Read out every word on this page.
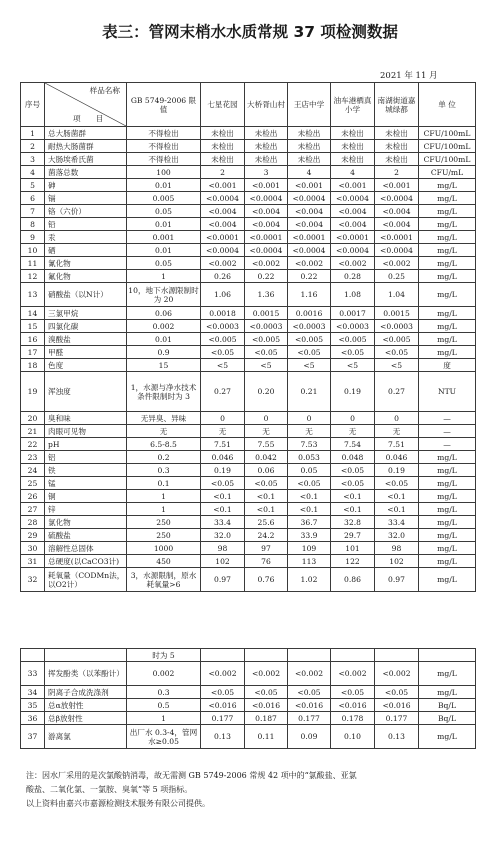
表三：管网末梢水水质常规 37 项检测数据
2021 年 11 月
序号	样品名称
项　　目	GB 5749-2006 限值	七星花园	大桥胥山村	王店中学	油车港栖真小学	南湖街道嘉城绿都	单 位
1	总大肠菌群	不得检出	未检出	未检出	未检出	未检出	未检出	CFU/100mL
2	耐热大肠菌群	不得检出	未检出	未检出	未检出	未检出	未检出	CFU/100mL
3	大肠埃希氏菌	不得检出	未检出	未检出	未检出	未检出	未检出	CFU/100mL
4	菌落总数	100	2	3	4	4	2	CFU/mL
5	砷	0.01	<0.001	<0.001	<0.001	<0.001	<0.001	mg/L
6	镉	0.005	<0.0004	<0.0004	<0.0004	<0.0004	<0.0004	mg/L
7	铬（六价）	0.05	<0.004	<0.004	<0.004	<0.004	<0.004	mg/L
8	铅	0.01	<0.004	<0.004	<0.004	<0.004	<0.004	mg/L
9	汞	0.001	<0.0001	<0.0001	<0.0001	<0.0001	<0.0001	mg/L
10	硒	0.01	<0.0004	<0.0004	<0.0004	<0.0004	<0.0004	mg/L
11	氰化物	0.05	<0.002	<0.002	<0.002	<0.002	<0.002	mg/L
12	氟化物	1	0.26	0.22	0.22	0.28	0.25	mg/L
13	硝酸盐（以N计）	10，地下水源限制时为 20	1.06	1.36	1.16	1.08	1.04	mg/L
14	三氯甲烷	0.06	0.0018	0.0015	0.0016	0.0017	0.0015	mg/L
15	四氯化碳	0.002	<0.0003	<0.0003	<0.0003	<0.0003	<0.0003	mg/L
16	溴酸盐	0.01	<0.005	<0.005	<0.005	<0.005	<0.005	mg/L
17	甲醛	0.9	<0.05	<0.05	<0.05	<0.05	<0.05	mg/L
18	色度	15	<5	<5	<5	<5	<5	度
19	浑浊度	1，水源与净水技术条件限制时为 3	0.27	0.20	0.21	0.19	0.27	NTU
20	臭和味	无异臭、异味	0	0	0	0	0	—
21	肉眼可见物	无	无	无	无	无	无	—
22	pH	6.5-8.5	7.51	7.55	7.53	7.54	7.51	—
23	铝	0.2	0.046	0.042	0.053	0.048	0.046	mg/L
24	铁	0.3	0.19	0.06	0.05	<0.05	0.19	mg/L
25	锰	0.1	<0.05	<0.05	<0.05	<0.05	<0.05	mg/L
26	铜	1	<0.1	<0.1	<0.1	<0.1	<0.1	mg/L
27	锌	1	<0.1	<0.1	<0.1	<0.1	<0.1	mg/L
28	氯化物	250	33.4	25.6	36.7	32.8	33.4	mg/L
29	硫酸盐	250	32.0	24.2	33.9	29.7	32.0	mg/L
30	溶解性总固体	1000	98	97	109	101	98	mg/L
31	总硬度(以CaCO3计)	450	102	76	113	122	102	mg/L
32	耗氧量（CODMn法，以O2计）	3，水源限制，原水耗氧量>6	0.97	0.76	1.02	0.86	0.97	mg/L
		时为 5						
33	挥发酚类（以苯酚计）	0.002	<0.002	<0.002	<0.002	<0.002	<0.002	mg/L
34	阴离子合成洗涤剂	0.3	<0.05	<0.05	<0.05	<0.05	<0.05	mg/L
35	总α放射性	0.5	<0.016	<0.016	<0.016	<0.016	<0.016	Bq/L
36	总β放射性	1	0.177	0.187	0.177	0.178	0.177	Bq/L
37	游离氯	出厂水 0.3-4，管网水≥0.05	0.13	0.11	0.09	0.10	0.13	mg/L
注：因水厂采用的是次氯酸钠消毒，故无需测 GB 5749-2006 常规 42 项中的“氯酸盐、亚氯
酸盐、二氧化氯、一氯胺、臭氧”等 5 项指标。
以上资料由嘉兴市嘉源检测技术服务有限公司提供。
